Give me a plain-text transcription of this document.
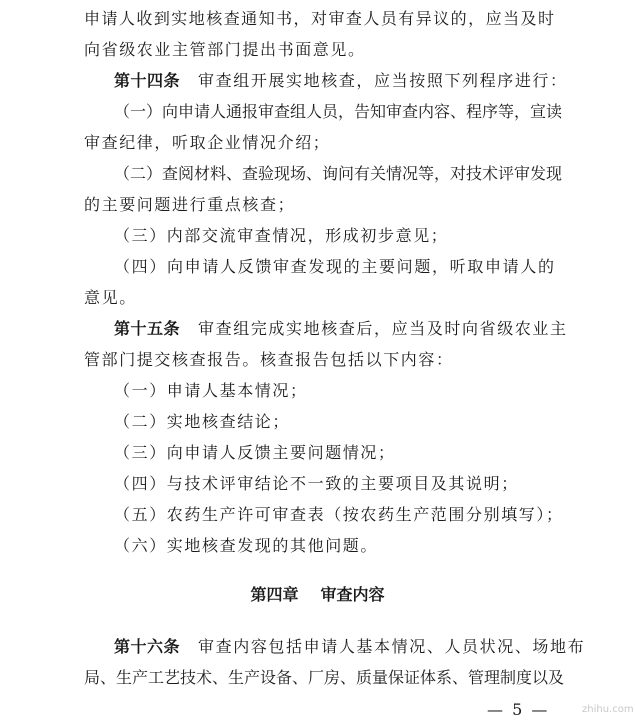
申请人收到实地核查通知书，对审查人员有异议的，应当及时
向省级农业主管部门提出书面意见。
第十四条 审查组开展实地核查，应当按照下列程序进行：
（一）向申请人通报审查组人员，告知审查内容、程序等，宣读
审查纪律，听取企业情况介绍；
（二）查阅材料、查验现场、询问有关情况等，对技术评审发现
的主要问题进行重点核查；
（三）内部交流审查情况，形成初步意见；
（四）向申请人反馈审查发现的主要问题，听取申请人的
意见。
第十五条 审查组完成实地核查后，应当及时向省级农业主
管部门提交核查报告。核查报告包括以下内容：
（一）申请人基本情况；
（二）实地核查结论；
（三）向申请人反馈主要问题情况；
（四）与技术评审结论不一致的主要项目及其说明；
（五）农药生产许可审查表（按农药生产范围分别填写）；
（六）实地核查发现的其他问题。
第四章 审查内容
第十六条 审查内容包括申请人基本情况、人员状况、场地布
局、生产工艺技术、生产设备、厂房、质量保证体系、管理制度以及
— 5 —	zhihu.com
